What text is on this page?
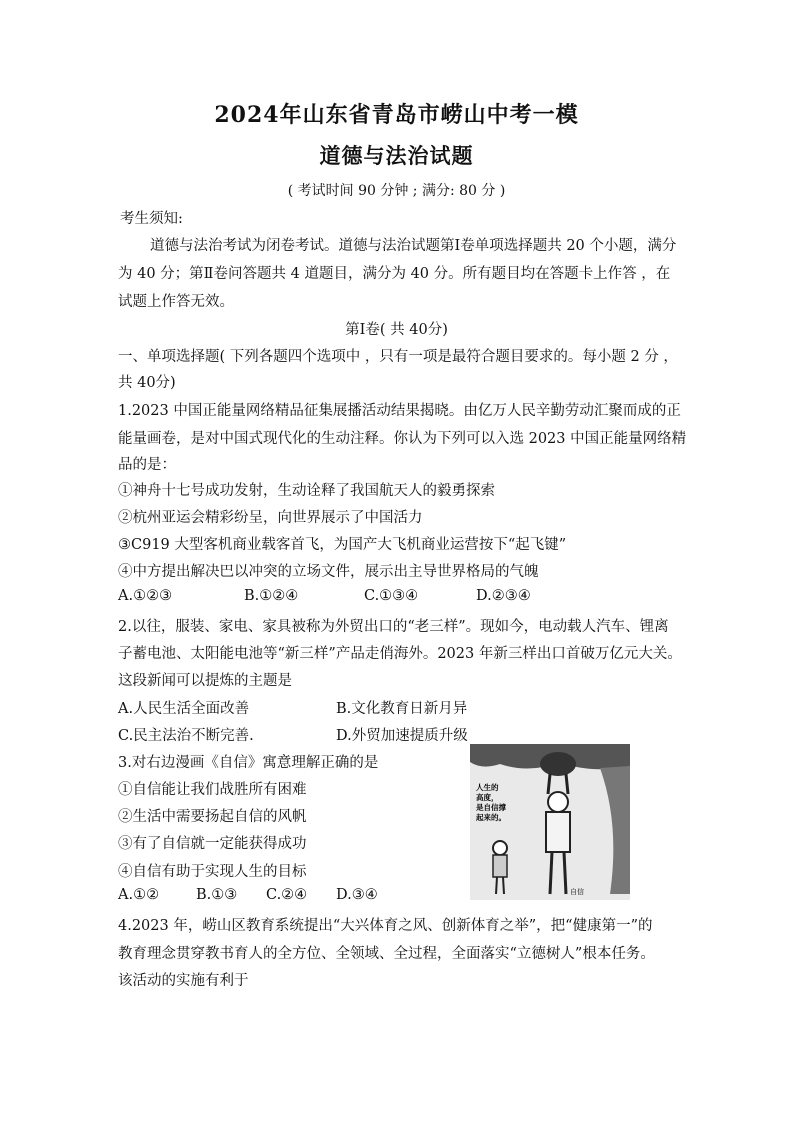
2024年山东省青岛市崂山中考一模
道德与法治试题
( 考试时间 90 分钟 ; 满分: 80 分 )
考生须知:
道德与法治考试为闭卷考试。道德与法治试题第Ⅰ卷单项选择题共 20 个小题，满分
为 40 分；第Ⅱ卷问答题共 4 道题目，满分为 40 分。所有题目均在答题卡上作答 ，在
试题上作答无效。
第Ⅰ卷( 共 40分)
一、单项选择题( 下列各题四个选项中 ，只有一项是最符合题目要求的。每小题 2 分 ，
共 40分)
1.2023 中国正能量网络精品征集展播活动结果揭晓。由亿万人民辛勤劳动汇聚而成的正
能量画卷，是对中国式现代化的生动注释。你认为下列可以入选 2023 中国正能量网络精
品的是：
①神舟十七号成功发射，生动诠释了我国航天人的毅勇探索
②杭州亚运会精彩纷呈，向世界展示了中国活力
③C919 大型客机商业载客首飞，为国产大飞机商业运营按下“起飞键”
④中方提出解决巴以冲突的立场文件，展示出主导世界格局的气魄
A.①②③	B.①②④	C.①③④	D.②③④
2.以往，服装、家电、家具被称为外贸出口的“老三样”。现如今，电动载人汽车、锂离
子蓄电池、太阳能电池等“新三样”产品走俏海外。2023 年新三样出口首破万亿元大关。
这段新闻可以提炼的主题是
A.人民生活全面改善	B.文化教育日新月异
C.民主法治不断完善.	D.外贸加速提质升级
3.对右边漫画《自信》寓意理解正确的是
①自信能让我们战胜所有困难
②生活中需要扬起自信的风帆
③有了自信就一定能获得成功
④自信有助于实现人生的目标
A.①②	B.①③ C.②④ D.③④
人生的
高度，
是自信撑
起来的。
自信
4.2023 年，崂山区教育系统提出“大兴体育之风、创新体育之举”，把“健康第一”的
教育理念贯穿教书育人的全方位、全领域、全过程，全面落实“立德树人”根本任务。
该活动的实施有利于
